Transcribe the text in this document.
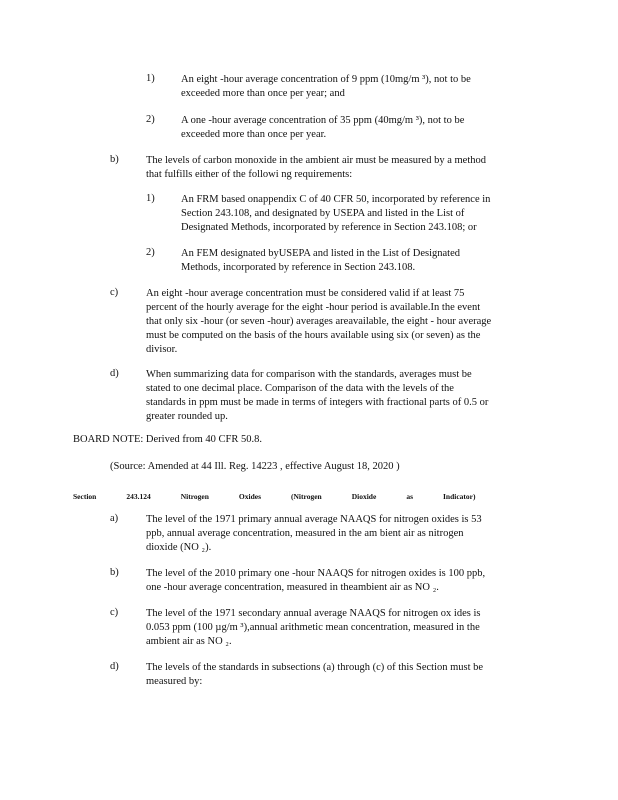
1)	An eight -hour average concentration of 9 ppm (10mg/m ³), not to be
exceeded more than once per year; and
2)	A one -hour average concentration of 35 ppm (40mg/m ³), not to be
exceeded more than once per year.
b)	The levels of carbon monoxide in the ambient air must be measured by a method
that fulfills either of the followi ng requirements:
1)	An FRM based onappendix C of 40 CFR 50, incorporated by reference in
Section 243.108, and designated by USEPA and listed in the List of
Designated Methods, incorporated by reference in Section 243.108; or
2)	An FEM designated byUSEPA and listed in the List of Designated
Methods, incorporated by reference in Section 243.108.
c)	An eight -hour average concentration must be considered valid if at least 75
percent of the hourly average for the eight -hour period is available.In the event
that only six -hour (or seven -hour) averages areavailable, the eight - hour average
must be computed on the basis of the hours available using six (or seven) as the
divisor.
d)	When summarizing data for comparison with the standards, averages must be
stated to one decimal place. Comparison of the data with the levels of the
standards in ppm must be made in terms of integers with fractional parts of 0.5 or
greater rounded up.
BOARD NOTE: Derived from 40 CFR 50.8.
(Source: Amended at 44 Ill. Reg. 14223 , effective August 18, 2020 )
Section	243.124	Nitrogen	Oxides	(Nitrogen	Dioxide	as	Indicator)
a)	The level of the 1971 primary annual average NAAQS for nitrogen oxides is 53
ppb, annual average concentration, measured in the am bient air as nitrogen
dioxide (NO ₂).
b)	The level of the 2010 primary one -hour NAAQS for nitrogen oxides is 100 ppb,
one -hour average concentration, measured in theambient air as NO ₂.
c)	The level of the 1971 secondary annual average NAAQS for nitrogen ox ides is
0.053 ppm (100 µg/m ³),annual arithmetic mean concentration, measured in the
ambient air as NO ₂.
d)	The levels of the standards in subsections (a) through (c) of this Section must be
measured by:
